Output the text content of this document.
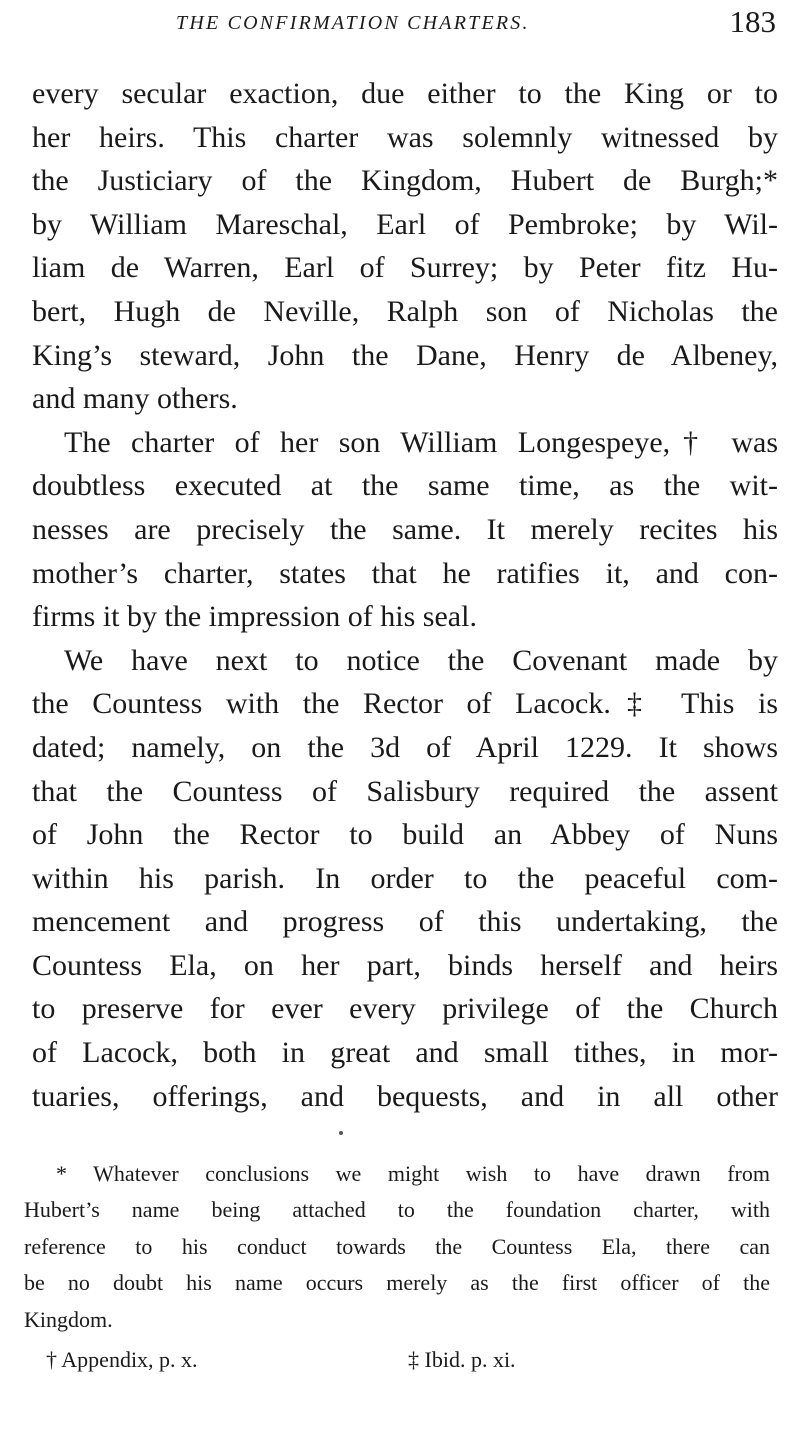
THE CONFIRMATION CHARTERS.	183
every secular exaction, due either to the King or to
her heirs. This charter was solemnly witnessed by
the Justiciary of the Kingdom, Hubert de Burgh;*
by William Mareschal, Earl of Pembroke; by Wil-
liam de Warren, Earl of Surrey; by Peter fitz Hu-
bert, Hugh de Neville, Ralph son of Nicholas the
King’s steward, John the Dane, Henry de Albeney,
and many others.
The charter of her son William Longespeye,† was
doubtless executed at the same time, as the wit-
nesses are precisely the same. It merely recites his
mother’s charter, states that he ratifies it, and con-
firms it by the impression of his seal.
We have next to notice the Covenant made by
the Countess with the Rector of Lacock.‡ This is
dated; namely, on the 3d of April 1229. It shows
that the Countess of Salisbury required the assent
of John the Rector to build an Abbey of Nuns
within his parish. In order to the peaceful com-
mencement and progress of this undertaking, the
Countess Ela, on her part, binds herself and heirs
to preserve for ever every privilege of the Church
of Lacock, both in great and small tithes, in mor-
tuaries, offerings, and bequests, and in all other
* Whatever conclusions we might wish to have drawn from
Hubert’s name being attached to the foundation charter, with
reference to his conduct towards the Countess Ela, there can
be no doubt his name occurs merely as the first officer of the
Kingdom.
† Appendix, p. x.	‡ Ibid. p. xi.
